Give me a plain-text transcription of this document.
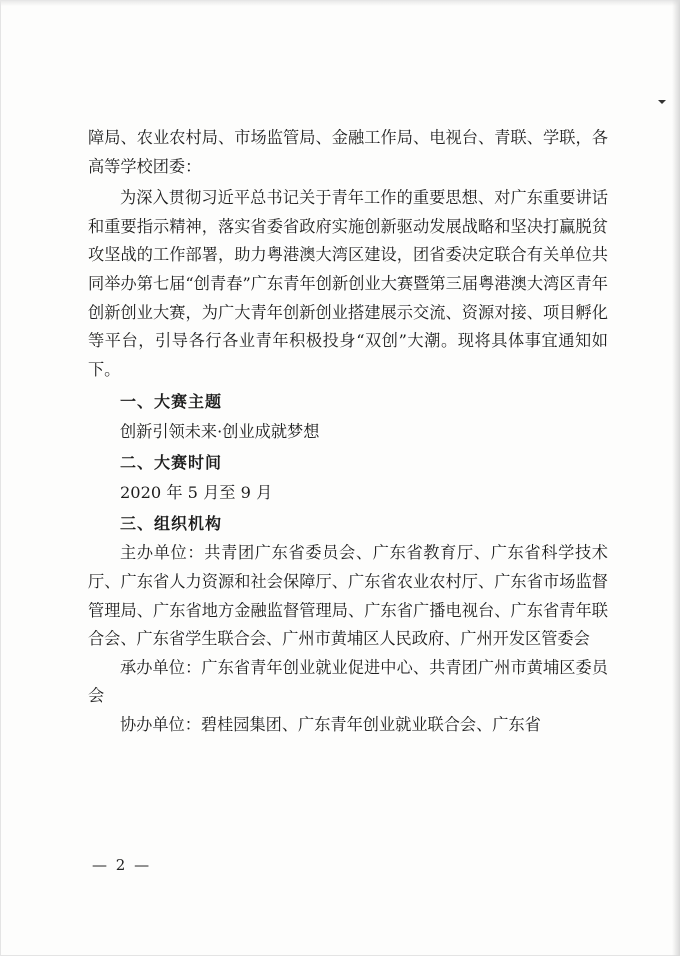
障局、农业农村局、市场监管局、金融工作局、电视台、青联、学联，各高等学校团委：

为深入贯彻习近平总书记关于青年工作的重要思想、对广东重要讲话和重要指示精神，落实省委省政府实施创新驱动发展战略和坚决打赢脱贫攻坚战的工作部署，助力粤港澳大湾区建设，团省委决定联合有关单位共同举办第七届“创青春”广东青年创新创业大赛暨第三届粤港澳大湾区青年创新创业大赛，为广大青年创新创业搭建展示交流、资源对接、项目孵化等平台，引导各行各业青年积极投身“双创”大潮。现将具体事宜通知如下。

一、大赛主题

创新引领未来·创业成就梦想

二、大赛时间

2020 年 5 月至 9 月

三、组织机构

主办单位：共青团广东省委员会、广东省教育厅、广东省科学技术厅、广东省人力资源和社会保障厅、广东省农业农村厅、广东省市场监督管理局、广东省地方金融监督管理局、广东省广播电视台、广东省青年联合会、广东省学生联合会、广州市黄埔区人民政府、广州开发区管委会

承办单位：广东省青年创业就业促进中心、共青团广州市黄埔区委员会

协办单位：碧桂园集团、广东青年创业就业联合会、广东省

— 2 —
